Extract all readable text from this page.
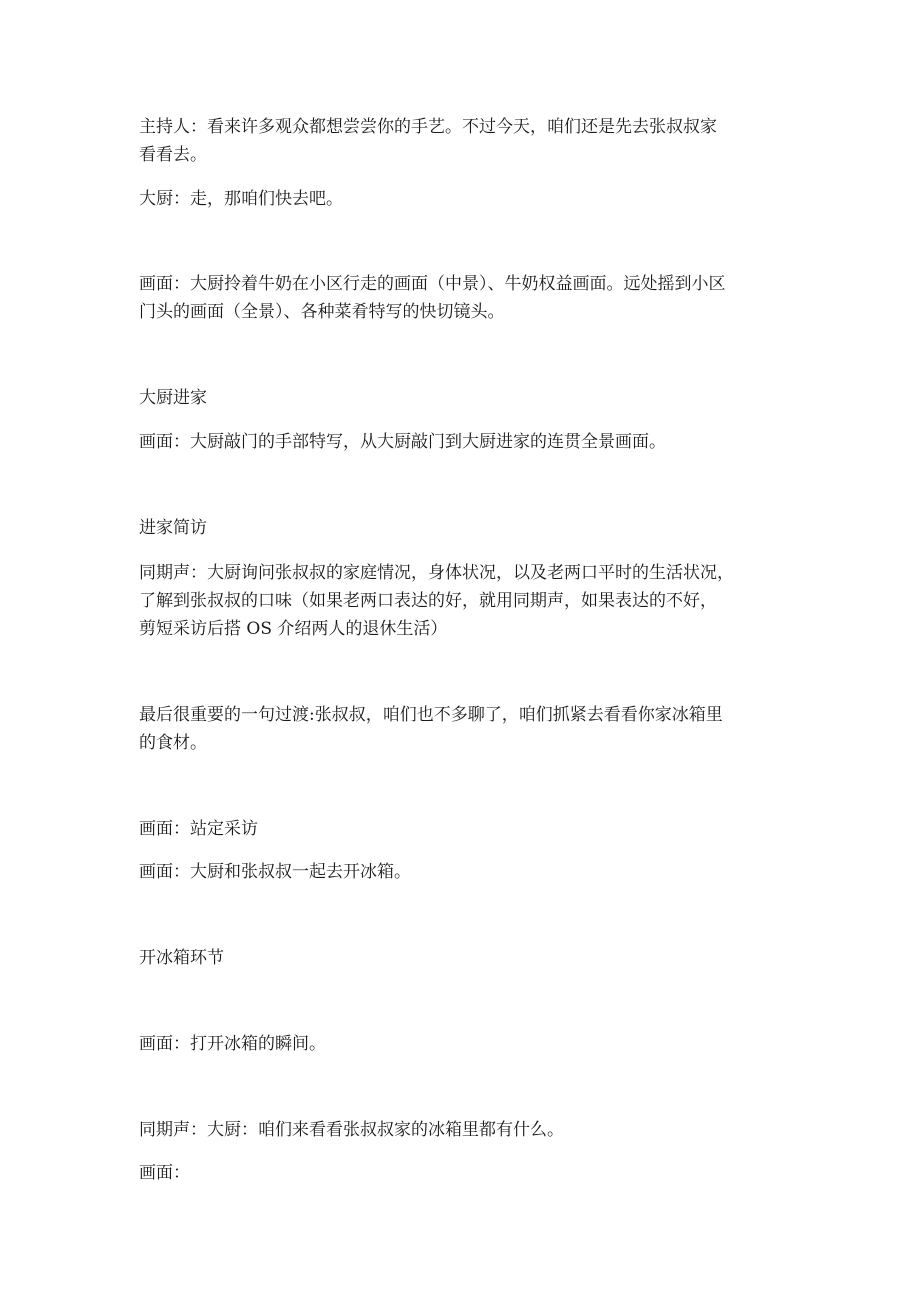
主持人：看来许多观众都想尝尝你的手艺。不过今天，咱们还是先去张叔叔家
看看去。

大厨：走，那咱们快去吧。

画面：大厨拎着牛奶在小区行走的画面（中景）、牛奶权益画面。远处摇到小区
门头的画面（全景）、各种菜肴特写的快切镜头。

大厨进家

画面：大厨敲门的手部特写，从大厨敲门到大厨进家的连贯全景画面。

进家简访

同期声：大厨询问张叔叔的家庭情况，身体状况，以及老两口平时的生活状况，
了解到张叔叔的口味（如果老两口表达的好，就用同期声，如果表达的不好，
剪短采访后搭 OS 介绍两人的退休生活）

最后很重要的一句过渡:张叔叔，咱们也不多聊了，咱们抓紧去看看你家冰箱里
的食材。

画面：站定采访

画面：大厨和张叔叔一起去开冰箱。

开冰箱环节

画面：打开冰箱的瞬间。

同期声：大厨：咱们来看看张叔叔家的冰箱里都有什么。

画面：
